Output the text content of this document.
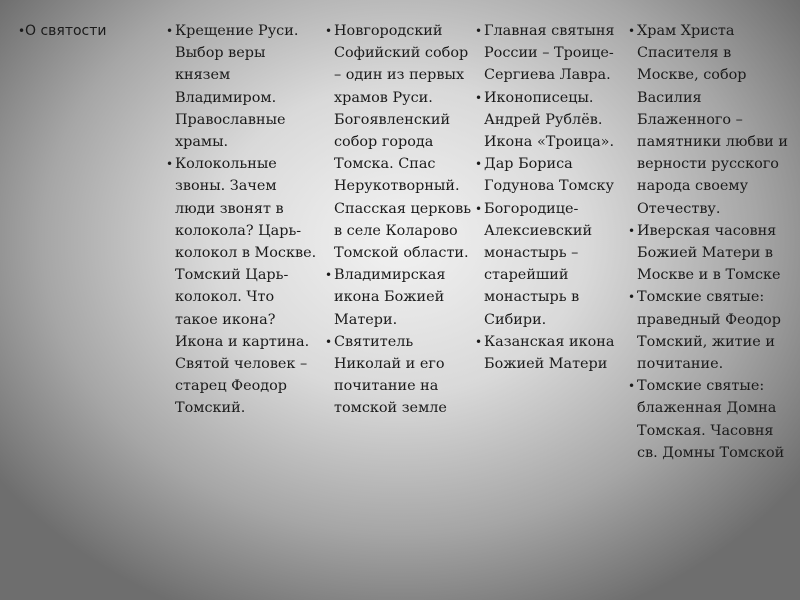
• О святости	• Крещение Руси. Выбор веры князем Владимиром. Православные храмы.

• Колокольные звоны. Зачем люди звонят в колокола? Царь-колокол в Москве. Томский Царь-колокол. Что такое икона? Икона и картина. Святой человек – старец Феодор Томский.

• Новгородский Софийский собор – один из первых храмов Руси. Богоявленский собор города Томска. Спас Нерукотворный. Спасская церковь в селе Коларово Томской области.

• Владимирская икона Божией Матери.

• Святитель Николай и его почитание на томской земле

• Главная святыня России – Троице-Сергиева Лавра.

• Иконописецы. Андрей Рублёв. Икона «Троица».

• Дар Бориса Годунова Томску

• Богородице-Алексиевский монастырь – старейший монастырь в Сибири.

• Казанская икона Божией Матери

• Храм Христа Спасителя в Москве, собор Василия Блаженного – памятники любви и верности русского народа своему Отечеству.

• Иверская часовня Божией Матери в Москве и в Томске

• Томские святые: праведный Феодор Томский, житие и почитание.

• Томские святые: блаженная Домна Томская. Часовня св. Домны Томской
